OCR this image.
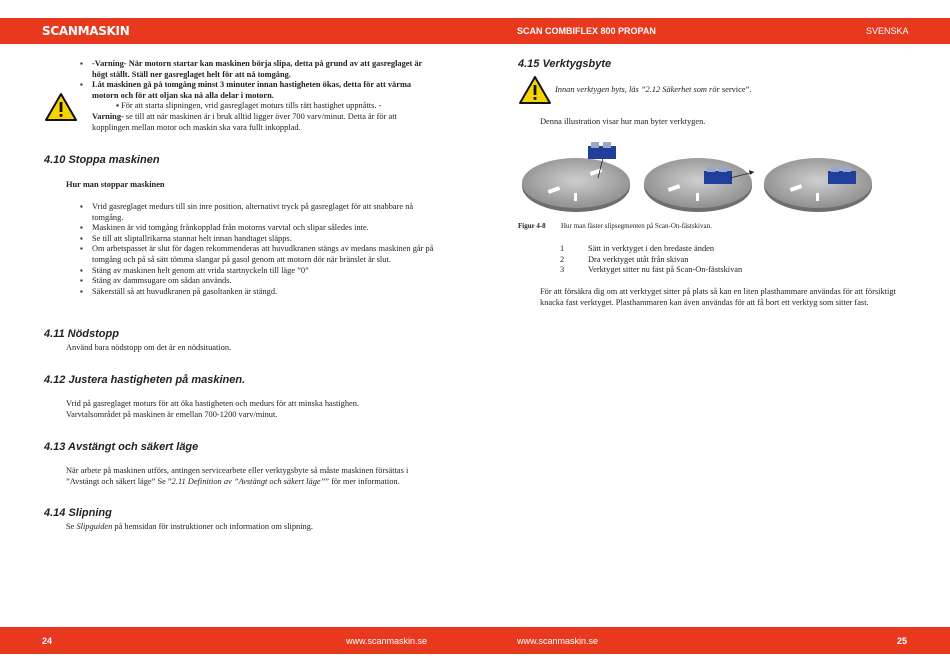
SCANMASKIN	SCAN COMBIFLEX 800 PROPAN	SVENSKA
▪ -Varning- När motorn startar kan maskinen börja slipa, detta på grund av att gasreglaget är högt ställt. Ställ ner gasreglaget helt för att nå tomgång.
▪ Låt maskinen gå på tomgång minst 3 minuter innan hastigheten ökas, detta för att värma motorn och för att oljan ska nå alla delar i motorn.
▪ För att starta slipningen, vrid gasreglaget moturs tills rätt hastighet uppnåtts. -
Varning- se till att när maskinen är i bruk alltid ligger över 700 varv/minut. Detta är för att kopplingen mellan motor och maskin ska vara fullt inkopplad.
4.10 Stoppa maskinen
Hur man stoppar maskinen
▪ Vrid gasreglaget medurs till sin inre position, alternativt tryck på gasreglaget för att snabbare nå tomgång.
▪ Maskinen är vid tomgång frånkopplad från motorns varvtal och slipar således inte.
▪ Se till att sliptallrikarna stannat helt innan handtaget släpps.
▪ Om arbetspasset är slut för dagen rekommenderas att huvudkranen stängs av medans maskinen går på tomgång och på så sätt tömma slangar på gasol genom att motorn dör när bränslet är slut.
▪ Stäng av maskinen helt genom att vrida startnyckeln till läge ”0”
▪ Stäng av dammsugare om sådan används.
▪ Säkerställ så att huvudkranen på gasoltanken är stängd.
4.11 Nödstopp
Använd bara nödstopp om det är en nödsituation.
4.12 Justera hastigheten på maskinen.
Vrid på gasreglaget moturs för att öka hastigheten och medurs för att minska hastighen. Varvtalsområdet på maskinen är emellan 700-1200 varv/minut.
4.13 Avstängt och säkert läge
När arbete på maskinen utförs, antingen servicearbete eller verktygsbyte så måste maskinen försättas i ”Avstängt och säkert läge” Se ”2.11 Definition av ”Avstängt och säkert läge”” för mer information.
4.14 Slipning
Se Slipguiden på hemsidan för instruktioner och information om slipning.
4.15 Verktygsbyte
Innan verktygen byts, läs ”2.12 Säkerhet som rör service”.
Denna illustration visar hur man byter verktygen.
Figur 4-8 Hur man fäster slipsegmenten på Scan-On-fästskivan.
1	Sätt in verktyget i den bredaste änden
2	Dra verktyget utåt från skivan
3	Verktyget sitter nu fast på Scan-On-fästskivan
För att försäkra dig om att verktyget sitter på plats så kan en liten plasthammare användas för att försiktigt knacka fast verktyget. Plasthammaren kan även användas för att få bort ett verktyg som sitter fast.
24	www.scanmaskin.se	www.scanmaskin.se	25
